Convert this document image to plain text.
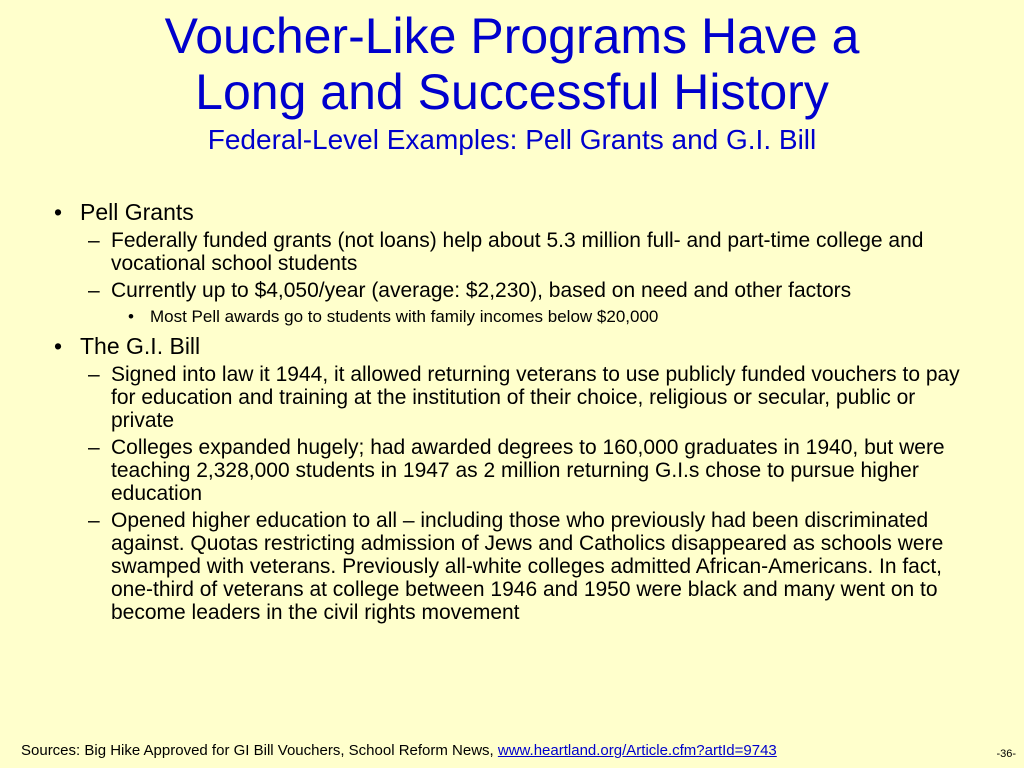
Voucher-Like Programs Have a
Long and Successful History
Federal-Level Examples: Pell Grants and G.I. Bill
• Pell Grants
– Federally funded grants (not loans) help about 5.3 million full- and part-time college and vocational school students
– Currently up to $4,050/year (average: $2,230), based on need and other factors
• Most Pell awards go to students with family incomes below $20,000
• The G.I. Bill
– Signed into law it 1944, it allowed returning veterans to use publicly funded vouchers to pay for education and training at the institution of their choice, religious or secular, public or private
– Colleges expanded hugely; had awarded degrees to 160,000 graduates in 1940, but were teaching 2,328,000 students in 1947 as 2 million returning G.I.s chose to pursue higher education
– Opened higher education to all – including those who previously had been discriminated against. Quotas restricting admission of Jews and Catholics disappeared as schools were swamped with veterans. Previously all-white colleges admitted African-Americans. In fact, one-third of veterans at college between 1946 and 1950 were black and many went on to become leaders in the civil rights movement
Sources: Big Hike Approved for GI Bill Vouchers, School Reform News, www.heartland.org/Article.cfm?artId=9743	-36-
